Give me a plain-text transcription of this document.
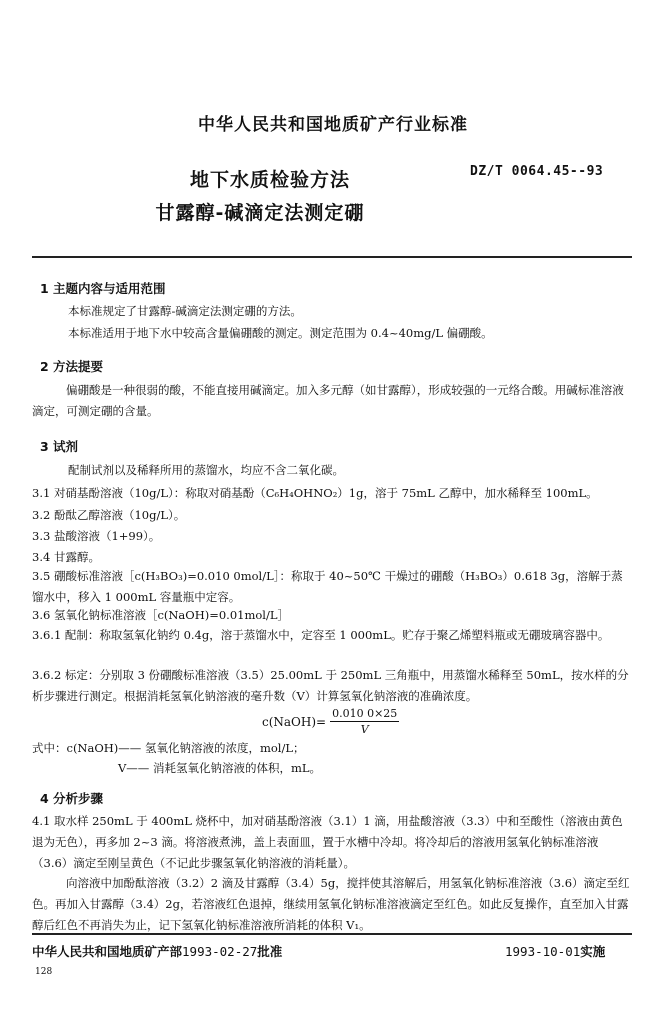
中华人民共和国地质矿产行业标准
地下水质检验方法
甘露醇-碱滴定法测定硼
DZ/T 0064.45--93
1 主题内容与适用范围
本标准规定了甘露醇-碱滴定法测定硼的方法。
本标准适用于地下水中较高含量偏硼酸的测定。测定范围为 0.4~40mg/L 偏硼酸。
2 方法提要
偏硼酸是一种很弱的酸，不能直接用碱滴定。加入多元醇（如甘露醇），形成较强的一元络合酸。用碱标准溶液滴定，可测定硼的含量。
3 试剂
配制试剂以及稀释所用的蒸馏水，均应不含二氧化碳。
3.1 对硝基酚溶液（10g/L）：称取对硝基酚（C₆H₄OHNO₂）1g，溶于 75mL 乙醇中，加水稀释至 100mL。
3.2 酚酞乙醇溶液（10g/L）。
3.3 盐酸溶液（1+99）。
3.4 甘露醇。
3.5 硼酸标准溶液［c(H₃BO₃)=0.010 0mol/L］：称取于 40~50℃ 干燥过的硼酸（H₃BO₃）0.618 3g，溶解于蒸馏水中，移入 1 000mL 容量瓶中定容。
3.6 氢氧化钠标准溶液［c(NaOH)=0.01mol/L］
3.6.1 配制：称取氢氧化钠约 0.4g，溶于蒸馏水中，定容至 1 000mL。贮存于聚乙烯塑料瓶或无硼玻璃容器中。
3.6.2 标定：分别取 3 份硼酸标准溶液（3.5）25.00mL 于 250mL 三角瓶中，用蒸馏水稀释至 50mL，按水样的分析步骤进行测定。根据消耗氢氧化钠溶液的毫升数（V）计算氢氧化钠溶液的准确浓度。
c(NaOH)= $\frac{0.010 0\times 25}{V}$
式中：c(NaOH)—— 氢氧化钠溶液的浓度，mol/L；
V—— 消耗氢氧化钠溶液的体积，mL。
4 分析步骤
4.1 取水样 250mL 于 400mL 烧杯中，加对硝基酚溶液（3.1）1 滴，用盐酸溶液（3.3）中和至酸性（溶液由黄色退为无色），再多加 2~3 滴。将溶液煮沸，盖上表面皿，置于水槽中冷却。将冷却后的溶液用氢氧化钠标准溶液（3.6）滴定至刚呈黄色（不记此步骤氢氧化钠溶液的消耗量）。
向溶液中加酚酞溶液（3.2）2 滴及甘露醇（3.4）5g，搅拌使其溶解后，用氢氧化钠标准溶液（3.6）滴定至红色。再加入甘露醇（3.4）2g，若溶液红色退掉，继续用氢氧化钠标准溶液滴定至红色。如此反复操作，直至加入甘露醇后红色不再消失为止，记下氢氧化钠标准溶液所消耗的体积 V₁。
中华人民共和国地质矿产部1993-02-27批准	1993-10-01实施
128
